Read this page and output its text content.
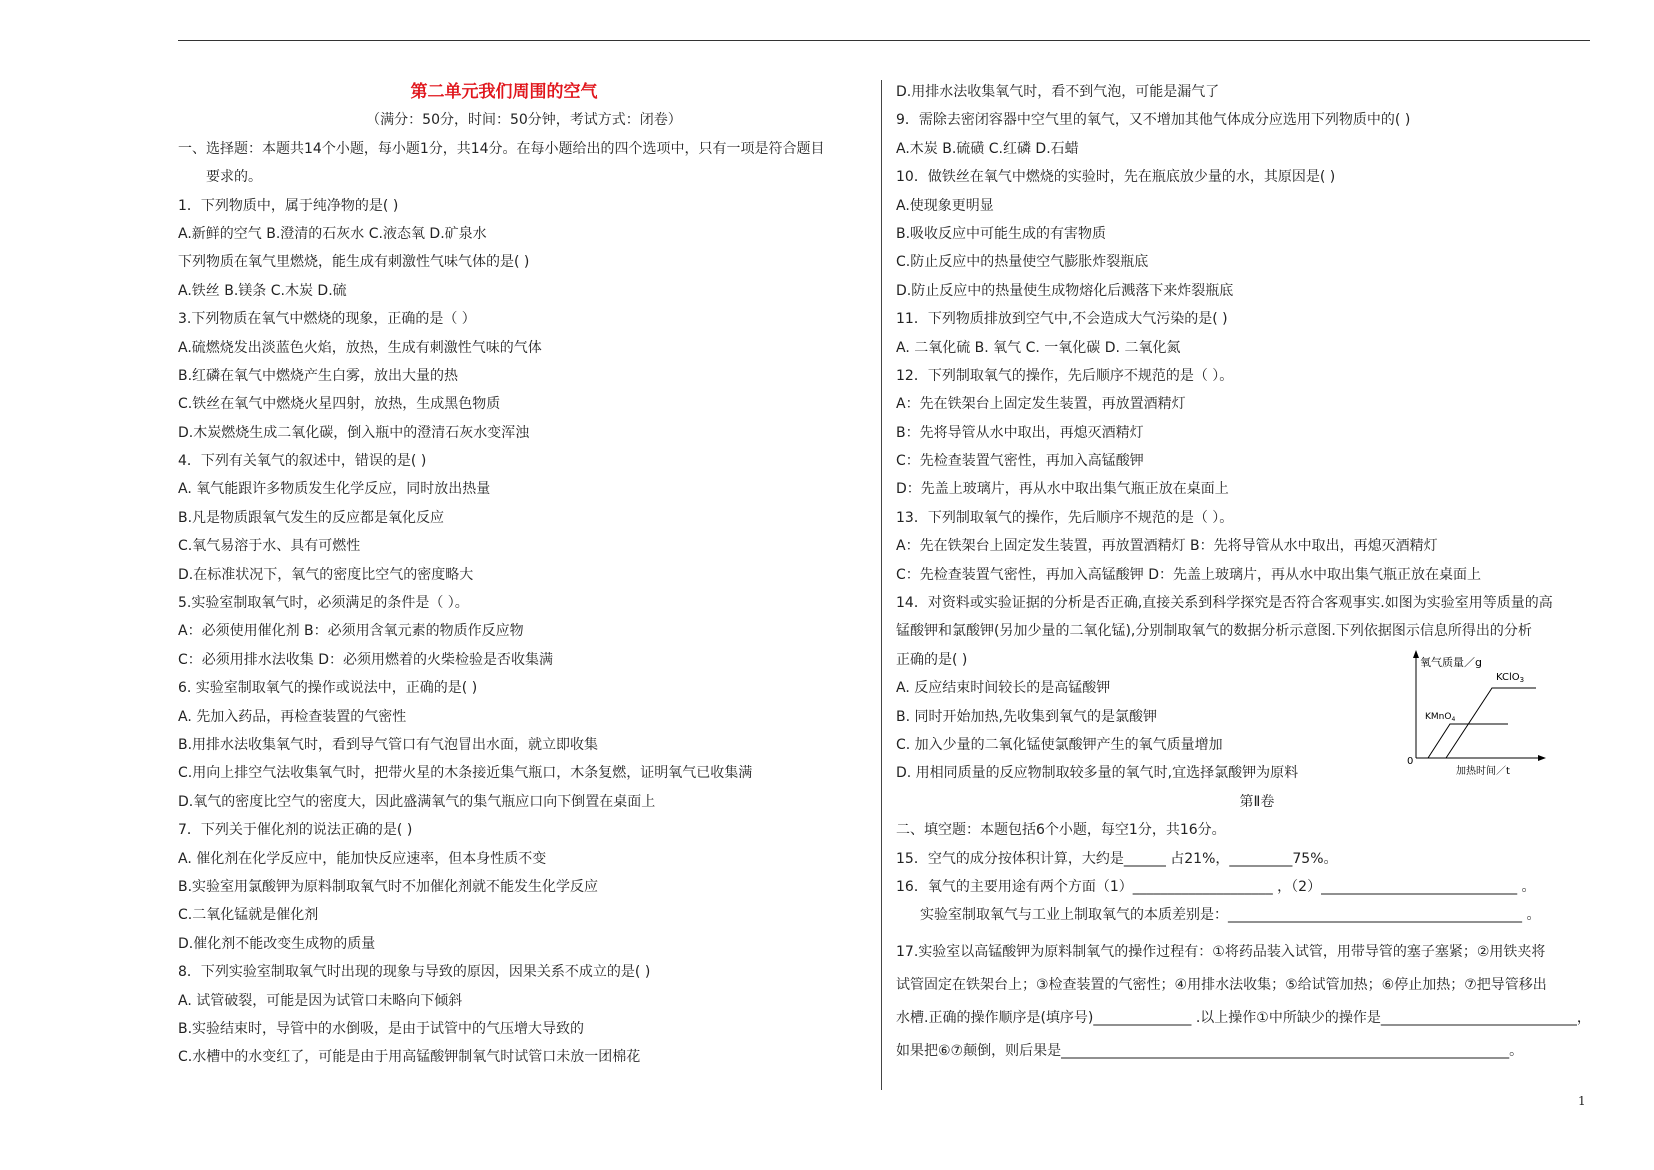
第二单元我们周围的空气
（满分：50分，时间：50分钟，考试方式：闭卷）
一、选择题：本题共14个小题，每小题1分，共14分。在每小题给出的四个选项中，只有一项是符合题目
要求的。
1．下列物质中，属于纯净物的是( )
A.新鲜的空气 B.澄清的石灰水 C.液态氧 D.矿泉水
下列物质在氧气里燃烧，能生成有刺激性气味气体的是( )
A.铁丝 B.镁条 C.木炭 D.硫
3.下列物质在氧气中燃烧的现象，正确的是（ ）
A.硫燃烧发出淡蓝色火焰，放热，生成有刺激性气味的气体
B.红磷在氧气中燃烧产生白雾，放出大量的热
C.铁丝在氧气中燃烧火星四射，放热，生成黑色物质
D.木炭燃烧生成二氧化碳，倒入瓶中的澄清石灰水变浑浊
4．下列有关氧气的叙述中，错误的是( )
A. 氧气能跟许多物质发生化学反应，同时放出热量
B.凡是物质跟氧气发生的反应都是氧化反应
C.氧气易溶于水、具有可燃性
D.在标准状况下，氧气的密度比空气的密度略大
5.实验室制取氧气时，必须满足的条件是（ ）。
A：必须使用催化剂 B：必须用含氧元素的物质作反应物
C：必须用排水法收集 D：必须用燃着的火柴检验是否收集满
6. 实验室制取氧气的操作或说法中，正确的是( )
A. 先加入药品，再检查装置的气密性
B.用排水法收集氧气时，看到导气管口有气泡冒出水面，就立即收集
C.用向上排空气法收集氧气时，把带火星的木条接近集气瓶口，木条复燃，证明氧气已收集满
D.氧气的密度比空气的密度大，因此盛满氧气的集气瓶应口向下倒置在桌面上
7．下列关于催化剂的说法正确的是( )
A. 催化剂在化学反应中，能加快反应速率，但本身性质不变
B.实验室用氯酸钾为原料制取氧气时不加催化剂就不能发生化学反应
C.二氧化锰就是催化剂
D.催化剂不能改变生成物的质量
8．下列实验室制取氧气时出现的现象与导致的原因，因果关系不成立的是( )
A. 试管破裂，可能是因为试管口未略向下倾斜
B.实验结束时，导管中的水倒吸，是由于试管中的气压增大导致的
C.水槽中的水变红了，可能是由于用高锰酸钾制氧气时试管口未放一团棉花
D.用排水法收集氧气时，看不到气泡，可能是漏气了
9．需除去密闭容器中空气里的氧气，又不增加其他气体成分应选用下列物质中的( )
A.木炭 B.硫磺 C.红磷 D.石蜡
10．做铁丝在氧气中燃烧的实验时，先在瓶底放少量的水，其原因是( )
A.使现象更明显
B.吸收反应中可能生成的有害物质
C.防止反应中的热量使空气膨胀炸裂瓶底
D.防止反应中的热量使生成物熔化后溅落下来炸裂瓶底
11．下列物质排放到空气中,不会造成大气污染的是( )
A. 二氧化硫 B. 氧气 C. 一氧化碳 D. 二氧化氮
12．下列制取氧气的操作，先后顺序不规范的是（ ）。
A：先在铁架台上固定发生装置，再放置酒精灯
B：先将导管从水中取出，再熄灭酒精灯
C：先检查装置气密性，再加入高锰酸钾
D：先盖上玻璃片，再从水中取出集气瓶正放在桌面上
13．下列制取氧气的操作，先后顺序不规范的是（ ）。
A：先在铁架台上固定发生装置，再放置酒精灯 B：先将导管从水中取出，再熄灭酒精灯
C：先检查装置气密性，再加入高锰酸钾 D：先盖上玻璃片，再从水中取出集气瓶正放在桌面上
14．对资料或实验证据的分析是否正确,直接关系到科学探究是否符合客观事实.如图为实验室用等质量的高
锰酸钾和氯酸钾(另加少量的二氧化锰),分别制取氧气的数据分析示意图.下列依据图示信息所得出的分析
正确的是( )
A. 反应结束时间较长的是高锰酸钾
B. 同时开始加热,先收集到氧气的是氯酸钾
C. 加入少量的二氧化锰使氯酸钾产生的氧气质量增加
D. 用相同质量的反应物制取较多量的氧气时,宜选择氯酸钾为原料
第Ⅱ卷
二、填空题：本题包括6个小题，每空1分，共16分。
15．空气的成分按体积计算，大约是______ 占21%，_________75%。
16．氧气的主要用途有两个方面（1）____________________ ，（2）____________________________ 。
实验室制取氧气与工业上制取氧气的本质差别是：__________________________________________ 。
17.实验室以高锰酸钾为原料制氧气的操作过程有：①将药品装入试管，用带导管的塞子塞紧；②用铁夹将
试管固定在铁架台上；③检查装置的气密性；④用排水法收集；⑤给试管加热；⑥停止加热；⑦把导管移出
水槽.正确的操作顺序是(填序号)______________ .以上操作①中所缺少的操作是____________________________，
如果把⑥⑦颠倒，则后果是________________________________________________________________。
氧气质量／g
加热时间／t
0
KMnO$_4$
KClO$_3$
1
